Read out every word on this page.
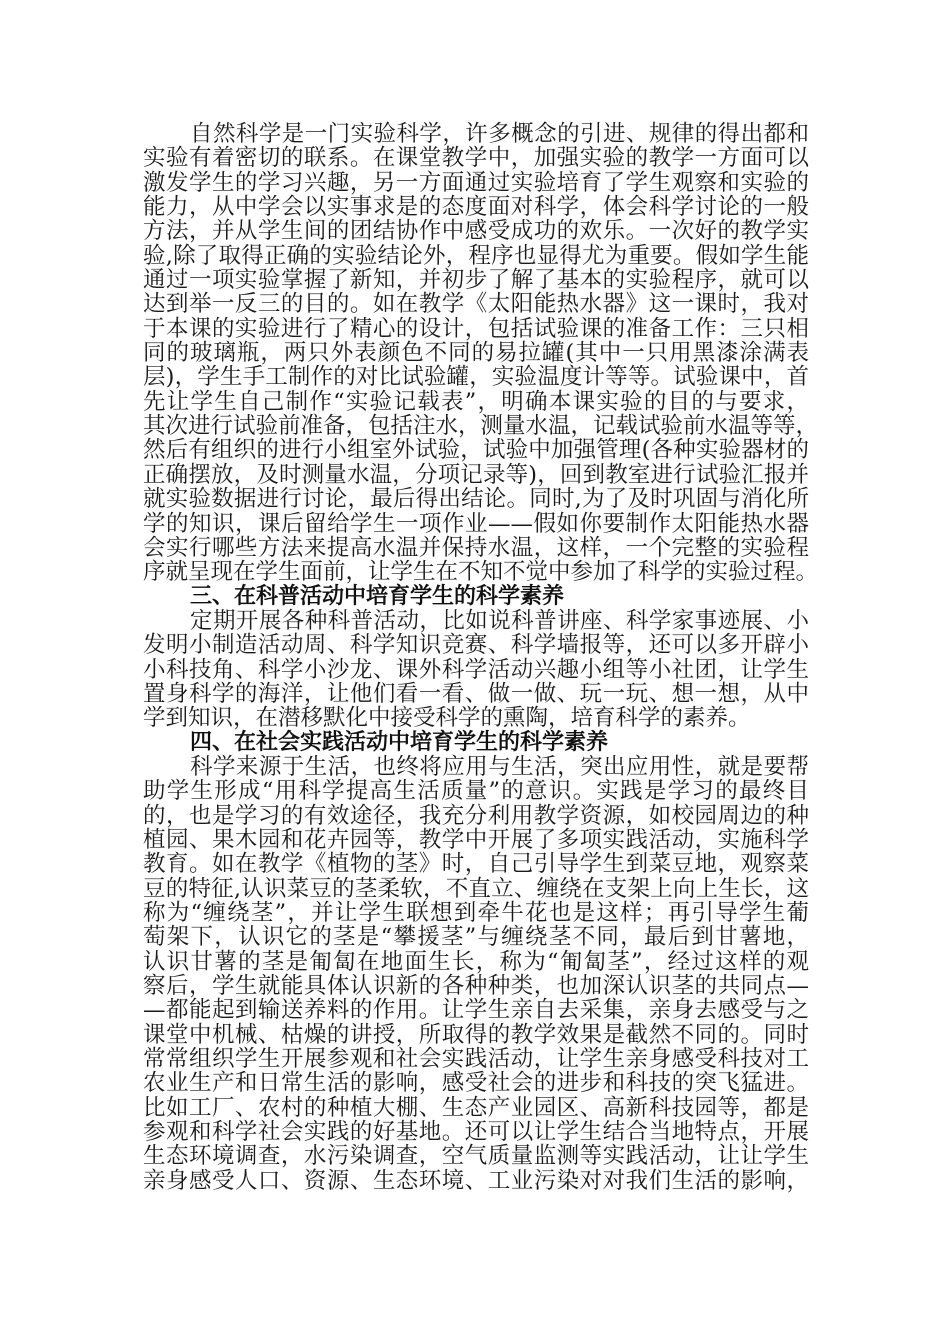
自然科学是一门实验科学，许多概念的引进、规律的得出都和
实验有着密切的联系。在课堂教学中，加强实验的教学一方面可以
激发学生的学习兴趣，另一方面通过实验培育了学生观察和实验的
能力，从中学会以实事求是的态度面对科学，体会科学讨论的一般
方法，并从学生间的团结协作中感受成功的欢乐。一次好的教学实
验,除了取得正确的实验结论外，程序也显得尤为重要。假如学生能
通过一项实验掌握了新知，并初步了解了基本的实验程序，就可以
达到举一反三的目的。如在教学《太阳能热水器》这一课时，我对
于本课的实验进行了精心的设计，包括试验课的准备工作：三只相
同的玻璃瓶，两只外表颜色不同的易拉罐(其中一只用黑漆涂满表
层)，学生手工制作的对比试验罐，实验温度计等等。试验课中，首
先让学生自己制作“实验记载表”，明确本课实验的目的与要求，
其次进行试验前准备，包括注水，测量水温，记载试验前水温等等，
然后有组织的进行小组室外试验，试验中加强管理(各种实验器材的
正确摆放，及时测量水温，分项记录等)，回到教室进行试验汇报并
就实验数据进行讨论，最后得出结论。同时,为了及时巩固与消化所
学的知识，课后留给学生一项作业——假如你要制作太阳能热水器
会实行哪些方法来提高水温并保持水温，这样，一个完整的实验程
序就呈现在学生面前，让学生在不知不觉中参加了科学的实验过程。
三、在科普活动中培育学生的科学素养
定期开展各种科普活动，比如说科普讲座、科学家事迹展、小
发明小制造活动周、科学知识竞赛、科学墙报等，还可以多开辟小
小科技角、科学小沙龙、课外科学活动兴趣小组等小社团，让学生
置身科学的海洋，让他们看一看、做一做、玩一玩、想一想，从中
学到知识，在潜移默化中接受科学的熏陶，培育科学的素养。
四、在社会实践活动中培育学生的科学素养
科学来源于生活，也终将应用与生活，突出应用性，就是要帮
助学生形成“用科学提高生活质量”的意识。实践是学习的最终目
的，也是学习的有效途径，我充分利用教学资源，如校园周边的种
植园、果木园和花卉园等，教学中开展了多项实践活动，实施科学
教育。如在教学《植物的茎》时，自己引导学生到菜豆地，观察菜
豆的特征,认识菜豆的茎柔软，不直立、缠绕在支架上向上生长，这
称为“缠绕茎”，并让学生联想到牵牛花也是这样；再引导学生葡
萄架下，认识它的茎是“攀援茎”与缠绕茎不同，最后到甘薯地，
认识甘薯的茎是匍匐在地面生长，称为“匍匐茎”，经过这样的观
察后，学生就能具体认识新的各种种类，也加深认识茎的共同点—
—都能起到输送养料的作用。让学生亲自去采集，亲身去感受与之
课堂中机械、枯燥的讲授，所取得的教学效果是截然不同的。同时
常常组织学生开展参观和社会实践活动，让学生亲身感受科技对工
农业生产和日常生活的影响，感受社会的进步和科技的突飞猛进。
比如工厂、农村的种植大棚、生态产业园区、高新科技园等，都是
参观和科学社会实践的好基地。还可以让学生结合当地特点，开展
生态环境调查，水污染调查，空气质量监测等实践活动，让让学生
亲身感受人口、资源、生态环境、工业污染对对我们生活的影响，
